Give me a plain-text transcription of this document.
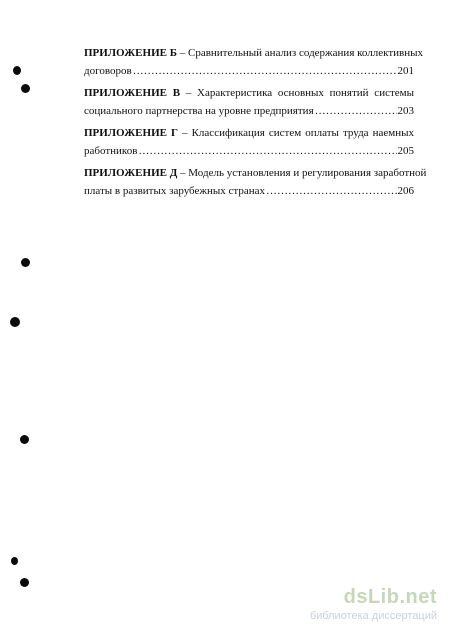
ПРИЛОЖЕНИЕ Б – Сравнительный анализ содержания коллективных
договоров …………………………………………………………………………………………………………………………………………	201
ПРИЛОЖЕНИЕ В – Характеристика основных понятий системы
социального партнерства на уровне предприятия …………………………………………………………………………………………………………………………………………	203
ПРИЛОЖЕНИЕ Г – Классификация систем оплаты труда наемных
работников …………………………………………………………………………………………………………………………………………	205
ПРИЛОЖЕНИЕ Д – Модель установления и регулирования заработной
платы в развитых зарубежных странах …………………………………………………………………………………………………………………………………………	206
dsLib.net
библиотека диссертаций
